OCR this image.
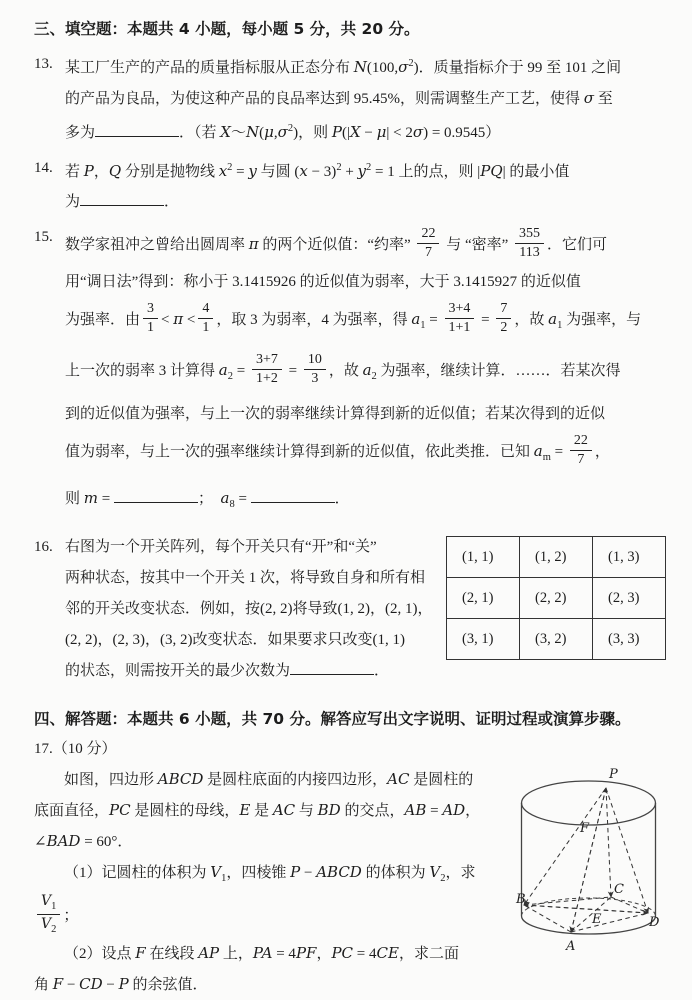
三、填空题：本题共 4 小题，每小题 5 分，共 20 分。
13. 某工厂生产的产品的质量指标服从正态分布 $N(100,\sigma^2)$．质量指标介于 99 至 101 之间
的产品为良品，为使这种产品的良品率达到 95.45%，则需调整生产工艺，使得 σ 至
多为	．（若 $X\sim N(\mu,\sigma^2)$，则 P(|X − μ| < 2σ) = 0.9545）
14. 若 P，Q 分别是抛物线 $x^2 = y$ 与圆 $(x - 3)^2 + y^2 = 1$ 上的点，则 |PQ| 的最小值
为	．
15. 数学家祖冲之曾给出圆周率 π 的两个近似值：“约率” $\frac{22}{7}$ 与 “密率” $\frac{355}{113}$ ．它们可
用“调日法”得到：称小于 3.1415926 的近似值为弱率，大于 3.1415927 的近似值
为强率．由 $\frac{3}{1} < \pi < \frac{4}{1}$ ，取 3 为弱率，4 为强率，得 $a_1 = \frac{3+4}{1+1} = \frac{7}{2}$ ，故 $a_1$ 为强率，与
上一次的弱率 3 计算得 $a_2 = \frac{3+7}{1+2} = \frac{10}{3}$ ，故 $a_2$ 为强率，继续计算．……．若某次得
到的近似值为强率，与上一次的弱率继续计算得到新的近似值；若某次得到的近似
值为弱率，与上一次的强率继续计算得到新的近似值，依此类推．已知 $a_m = \frac{22}{7}$ ，
则 m =	；  $a_8$ =	．
16.
(1, 1)	(1, 2)	(1, 3)
(2, 1)	(2, 2)	(2, 3)
(3, 1)	(3, 2)	(3, 3)
右图为一个开关阵列，每个开关只有“开”和“关”
两种状态，按其中一个开关 1 次，将导致自身和所有相
邻的开关改变状态．例如，按(2, 2)将导致(1, 2)，(2, 1)，
(2, 2)，(2, 3)，(3, 2)改变状态．如果要求只改变(1, 1)
的状态，则需按开关的最少次数为	．
四、解答题：本题共 6 小题，共 70 分。解答应写出文字说明、证明过程或演算步骤。
17.（10 分）
P
F
B
C
E	D
A
如图，四边形 ABCD 是圆柱底面的内接四边形，AC 是圆柱的
底面直径，PC 是圆柱的母线，E 是 AC 与 BD 的交点，AB = AD，
∠BAD = 60°．
（1）记圆柱的体积为 $V_1$，四棱锥 P − ABCD 的体积为 $V_2$，求
$\frac{V_1}{V_2}$ ；
（2）设点 F 在线段 AP 上，PA = 4PF，PC = 4CE，求二面
角 F − CD − P 的余弦值．
